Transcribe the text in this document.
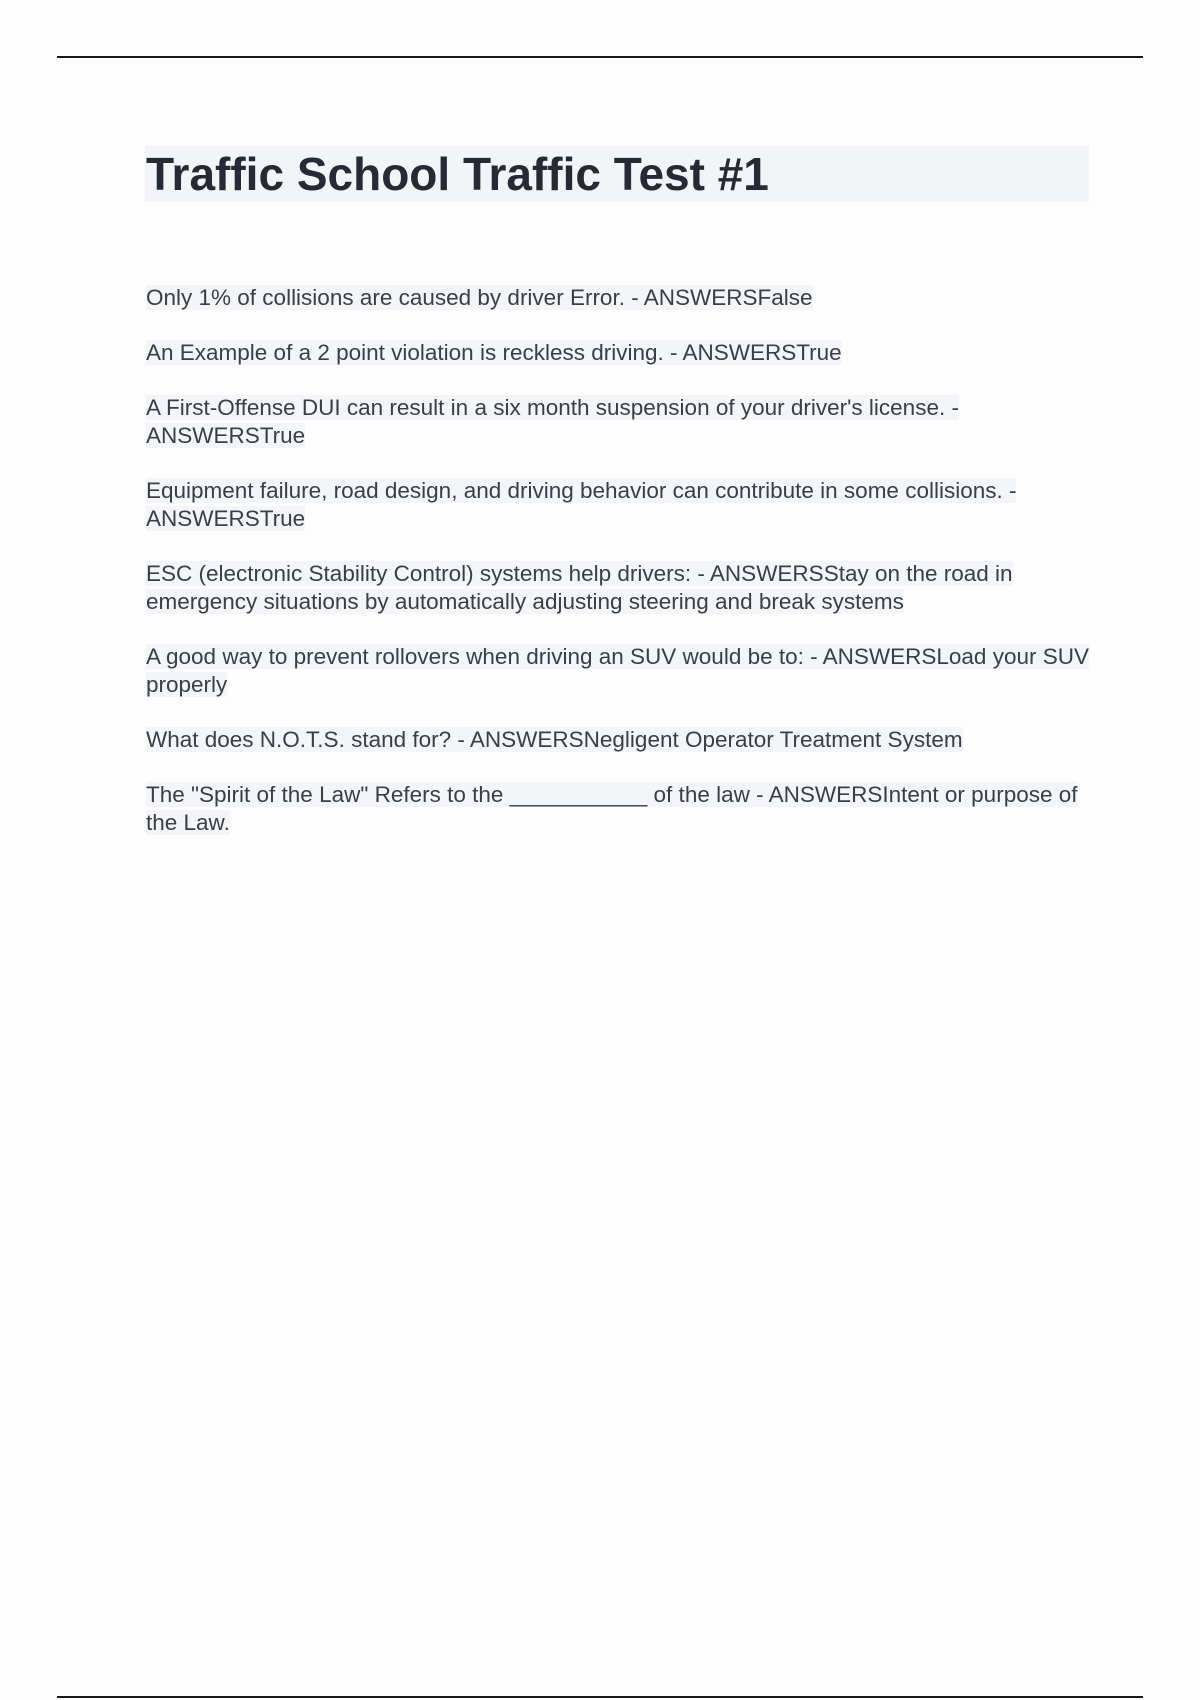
Traffic School Traffic Test #1
Only 1% of collisions are caused by driver Error. - ANSWERSFalse
An Example of a 2 point violation is reckless driving. - ANSWERSTrue
A First-Offense DUI can result in a six month suspension of your driver's license. - ANSWERSTrue
Equipment failure, road design, and driving behavior can contribute in some collisions. - ANSWERSTrue
ESC (electronic Stability Control) systems help drivers: - ANSWERSStay on the road in emergency situations by automatically adjusting steering and break systems
A good way to prevent rollovers when driving an SUV would be to: - ANSWERSLoad your SUV properly
What does N.O.T.S. stand for? - ANSWERSNegligent Operator Treatment System
The "Spirit of the Law" Refers to the ___________ of the law - ANSWERSIntent or purpose of the Law.
